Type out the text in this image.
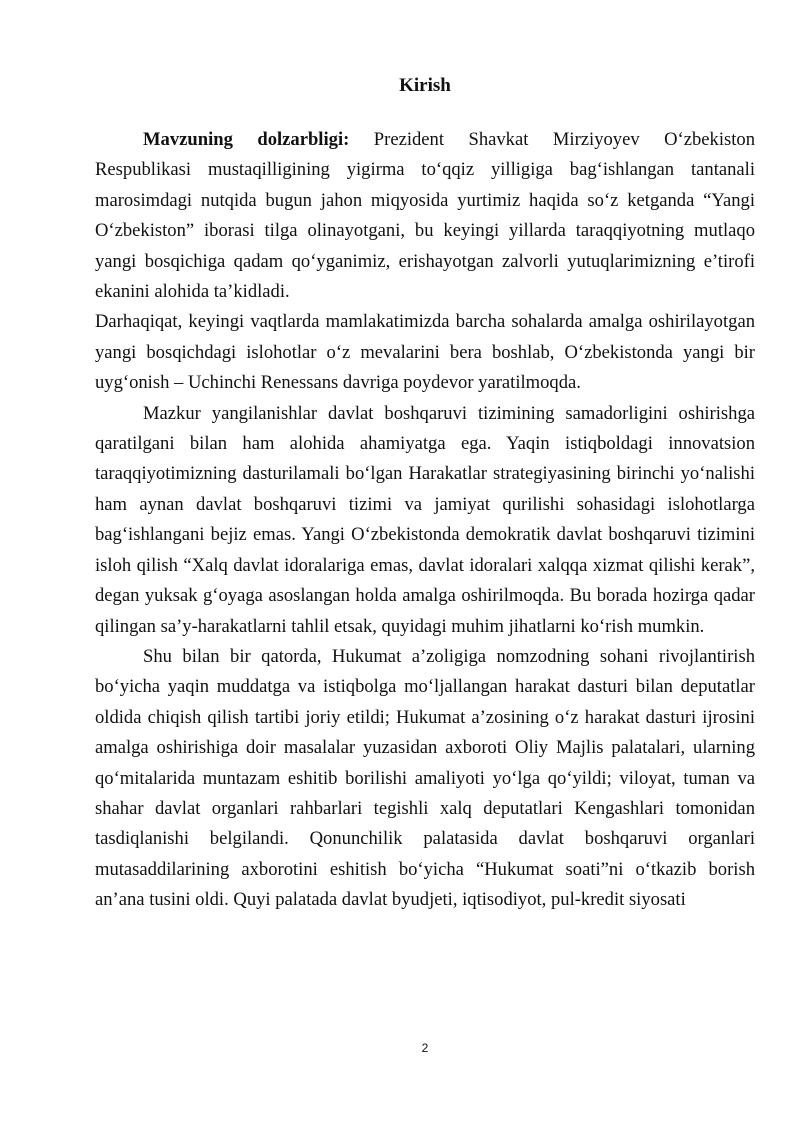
Kirish

Mavzuning dolzarbligi: Prezident Shavkat Mirziyoyev O‘zbekiston Respublikasi mustaqilligining yigirma to‘qqiz yilligiga bag‘ishlangan tantanali marosimdagi nutqida bugun jahon miqyosida yurtimiz haqida so‘z ketganda “Yangi O‘zbekiston” iborasi tilga olinayotgani, bu keyingi yillarda taraqqiyotning mutlaqo yangi bosqichiga qadam qo‘yganimiz, erishayotgan zalvorli yutuqlarimizning e’tirofi ekanini alohida ta’kidladi.

Darhaqiqat, keyingi vaqtlarda mamlakatimizda barcha sohalarda amalga oshirilayotgan yangi bosqichdagi islohotlar o‘z mevalarini bera boshlab, O‘zbekistonda yangi bir uyg‘onish – Uchinchi Renessans davriga poydevor yaratilmoqda.

Mazkur yangilanishlar davlat boshqaruvi tizimining samadorligini oshirishga qaratilgani bilan ham alohida ahamiyatga ega. Yaqin istiqboldagi innovatsion taraqqiyotimizning dasturilamali bo‘lgan Harakatlar strategiyasining birinchi yo‘nalishi ham aynan davlat boshqaruvi tizimi va jamiyat qurilishi sohasidagi islohotlarga bag‘ishlangani bejiz emas. Yangi O‘zbekistonda demokratik davlat boshqaruvi tizimini isloh qilish “Xalq davlat idoralariga emas, davlat idoralari xalqqa xizmat qilishi kerak”, degan yuksak g‘oyaga asoslangan holda amalga oshirilmoqda. Bu borada hozirga qadar qilingan sa’y-harakatlarni tahlil etsak, quyidagi muhim jihatlarni ko‘rish mumkin.

Shu bilan bir qatorda, Hukumat a’zoligiga nomzodning sohani rivojlantirish bo‘yicha yaqin muddatga va istiqbolga mo‘ljallangan harakat dasturi bilan deputatlar oldida chiqish qilish tartibi joriy etildi; Hukumat a’zosining o‘z harakat dasturi ijrosini amalga oshirishiga doir masalalar yuzasidan axboroti Oliy Majlis palatalari, ularning qo‘mitalarida muntazam eshitib borilishi amaliyoti yo‘lga qo‘yildi; viloyat, tuman va shahar davlat organlari rahbarlari tegishli xalq deputatlari Kengashlari tomonidan tasdiqlanishi belgilandi. Qonunchilik palatasida davlat boshqaruvi organlari mutasaddilarining axborotini eshitish bo‘yicha “Hukumat soati”ni o‘tkazib borish an’ana tusini oldi. Quyi palatada davlat byudjeti, iqtisodiyot, pul-kredit siyosati

2
